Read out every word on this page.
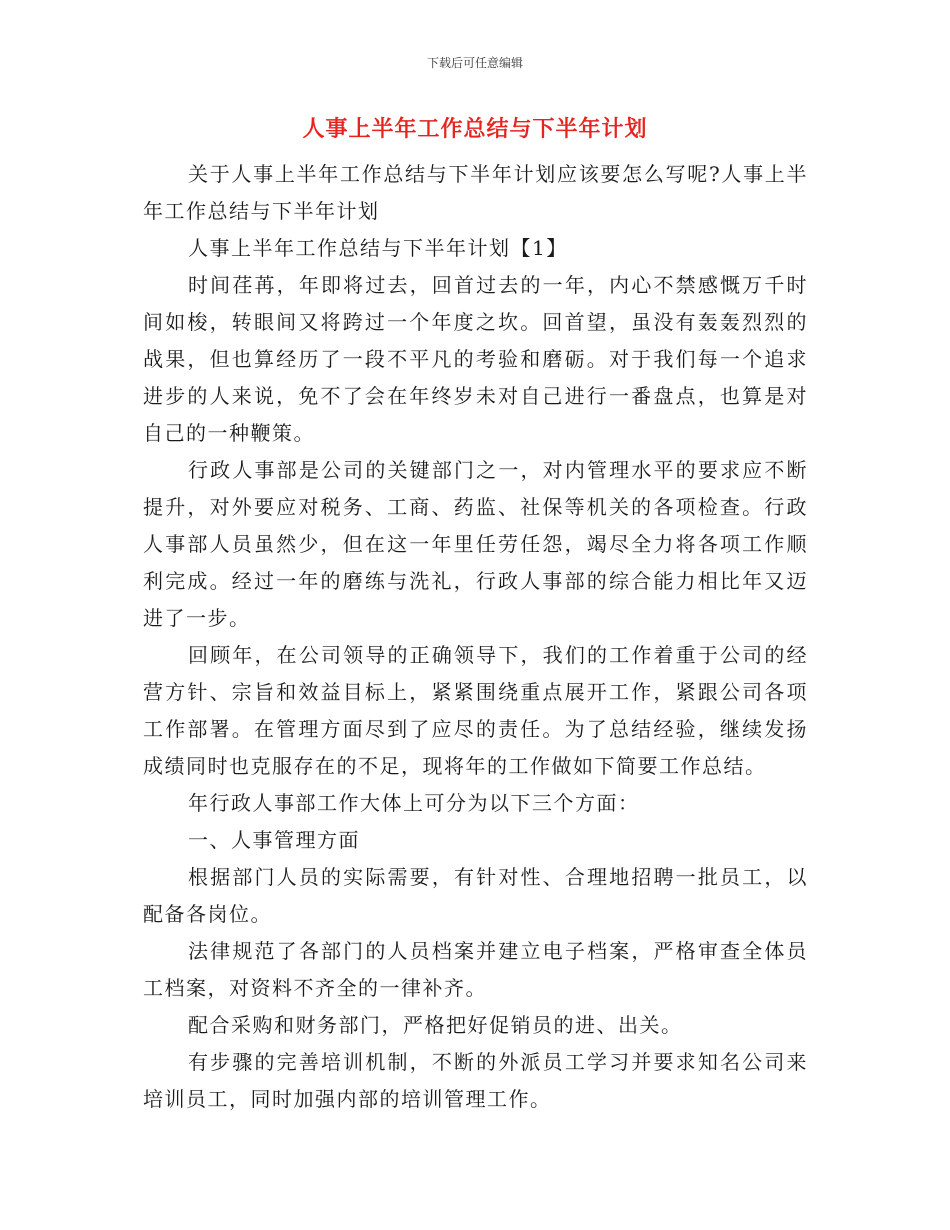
下载后可任意编辑
人事上半年工作总结与下半年计划

关于人事上半年工作总结与下半年计划应该要怎么写呢?人事上半年工作总结与下半年计划

人事上半年工作总结与下半年计划【1】

时间荏苒，年即将过去，回首过去的一年，内心不禁感慨万千时间如梭，转眼间又将跨过一个年度之坎。回首望，虽没有轰轰烈烈的战果，但也算经历了一段不平凡的考验和磨砺。对于我们每一个追求进步的人来说，免不了会在年终岁未对自己进行一番盘点，也算是对自己的一种鞭策。

行政人事部是公司的关键部门之一，对内管理水平的要求应不断提升，对外要应对税务、工商、药监、社保等机关的各项检查。行政人事部人员虽然少，但在这一年里任劳任怨，竭尽全力将各项工作顺利完成。经过一年的磨练与洗礼，行政人事部的综合能力相比年又迈进了一步。

回顾年，在公司领导的正确领导下，我们的工作着重于公司的经营方针、宗旨和效益目标上，紧紧围绕重点展开工作，紧跟公司各项工作部署。在管理方面尽到了应尽的责任。为了总结经验，继续发扬成绩同时也克服存在的不足，现将年的工作做如下简要工作总结。

年行政人事部工作大体上可分为以下三个方面：

一、人事管理方面

根据部门人员的实际需要，有针对性、合理地招聘一批员工，以配备各岗位。

法律规范了各部门的人员档案并建立电子档案，严格审查全体员工档案，对资料不齐全的一律补齐。

配合采购和财务部门，严格把好促销员的进、出关。

有步骤的完善培训机制，不断的外派员工学习并要求知名公司来培训员工，同时加强内部的培训管理工作。
